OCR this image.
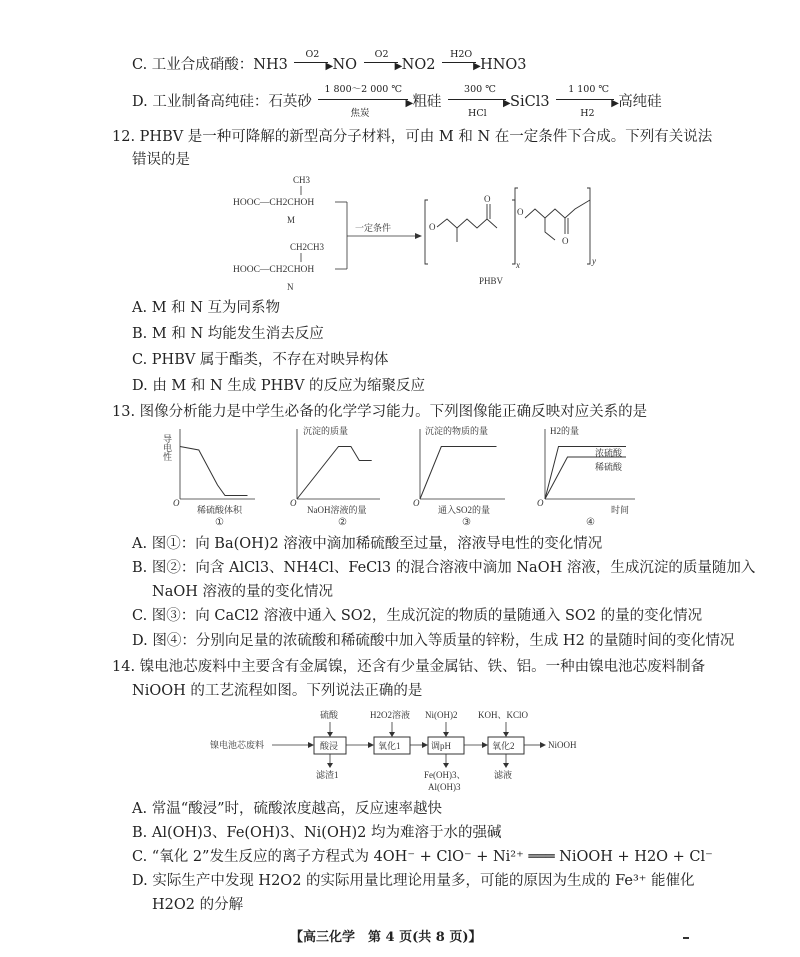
C. 工业合成硝酸：NH3
O2
▶ NO
O2
▶ NO2
H2O
▶ HNO3
D. 工业制备高纯硅：石英砂
1 800～2 000 ℃
▶
焦炭
粗硅
300 ℃
▶
HCl
SiCl3
1 100 ℃
▶
H2
高纯硅
12. PHBV 是一种可降解的新型高分子材料，可由 M 和 N 在一定条件下合成。下列有关说法
错误的是
CH3
HOOC—CH2CHOH
M
CH2CH3
HOOC—CH2CHOH
N
一定条件	O
O
O
O
x	y
PHBV
A. M 和 N 互为同系物
B. M 和 N 均能发生消去反应
C. PHBV 属于酯类，不存在对映异构体
D. 由 M 和 N 生成 PHBV 的反应为缩聚反应
13. 图像分析能力是中学生必备的化学学习能力。下列图像能正确反映对应关系的是
导电性
O
稀硫酸体积
①
沉淀的质量
O
NaOH溶液的量
②
沉淀的物质的量
O
通入SO2的量
③
H2的量
O
浓硫酸
稀硫酸
时间
④
A. 图①：向 Ba(OH)2 溶液中滴加稀硫酸至过量，溶液导电性的变化情况
B. 图②：向含 AlCl3、NH4Cl、FeCl3 的混合溶液中滴加 NaOH 溶液，生成沉淀的质量随加入
NaOH 溶液的量的变化情况
C. 图③：向 CaCl2 溶液中通入 SO2，生成沉淀的物质的量随通入 SO2 的量的变化情况
D. 图④：分别向足量的浓硫酸和稀硫酸中加入等质量的锌粉，生成 H2 的量随时间的变化情况
14. 镍电池芯废料中主要含有金属镍，还含有少量金属钴、铁、铝。一种由镍电池芯废料制备
NiOOH 的工艺流程如图。下列说法正确的是
镍电池芯废料	酸浸	氧化1	调pH	氧化2	NiOOH
硫酸	H2O2溶液 Ni(OH)2 KOH、KClO
滤渣1	Fe(OH)3、
Al(OH)3
滤液
A. 常温“酸浸”时，硫酸浓度越高，反应速率越快
B. Al(OH)3、Fe(OH)3、Ni(OH)2 均为难溶于水的强碱
C. “氧化 2”发生反应的离子方程式为 4OH⁻ + ClO⁻ + Ni²⁺ ═══ NiOOH + H2O + Cl⁻
D. 实际生产中发现 H2O2 的实际用量比理论用量多，可能的原因为生成的 Fe³⁺ 能催化
H2O2 的分解
【高三化学　第 4 页(共 8 页)】
